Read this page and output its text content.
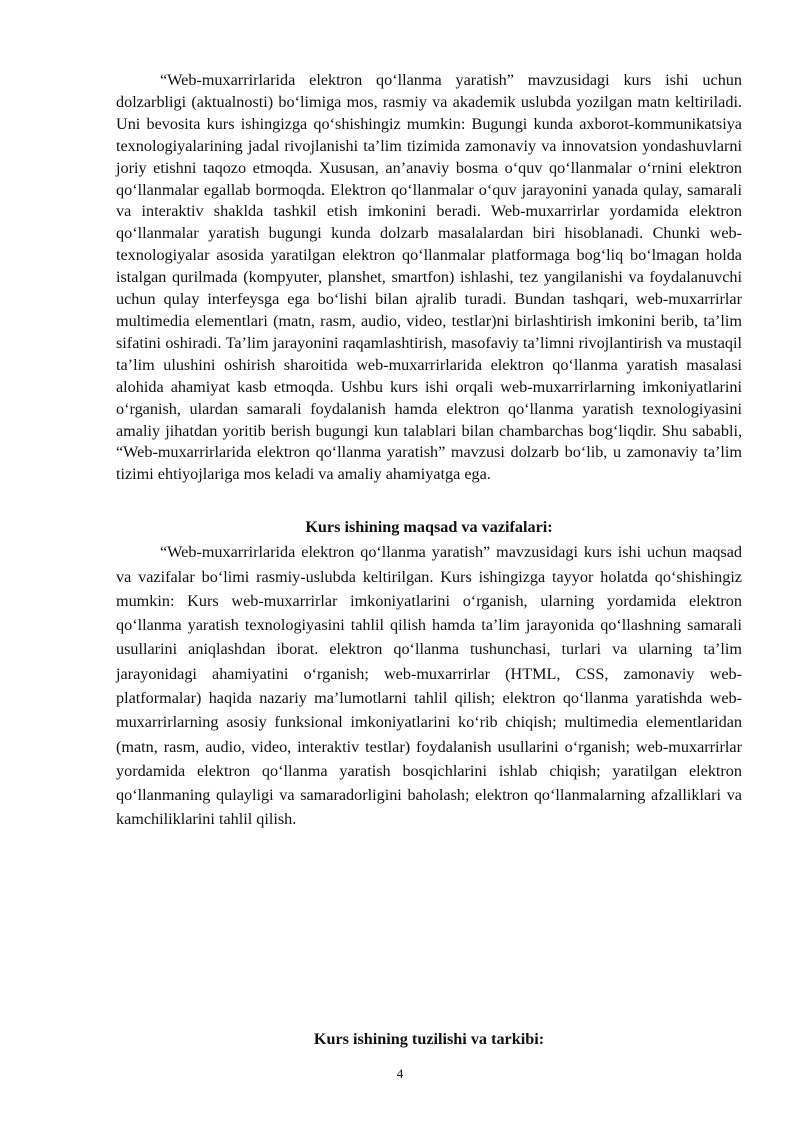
“Web-muxarrirlarida elektron qo‘llanma yaratish” mavzusidagi kurs ishi uchun dolzarbligi (aktualnosti) bo‘limiga mos, rasmiy va akademik uslubda yozilgan matn keltiriladi. Uni bevosita kurs ishingizga qo‘shishingiz mumkin: Bugungi kunda axborot-kommunikatsiya texnologiyalarining jadal rivojlanishi ta’lim tizimida zamonaviy va innovatsion yondashuvlarni joriy etishni taqozo etmoqda. Xususan, an’anaviy bosma o‘quv qo‘llanmalar o‘rnini elektron qo‘llanmalar egallab bormoqda. Elektron qo‘llanmalar o‘quv jarayonini yanada qulay, samarali va interaktiv shaklda tashkil etish imkonini beradi. Web-muxarrirlar yordamida elektron qo‘llanmalar yaratish bugungi kunda dolzarb masalalardan biri hisoblanadi. Chunki web-texnologiyalar asosida yaratilgan elektron qo‘llanmalar platformaga bog‘liq bo‘lmagan holda istalgan qurilmada (kompyuter, planshet, smartfon) ishlashi, tez yangilanishi va foydalanuvchi uchun qulay interfeysga ega bo‘lishi bilan ajralib turadi. Bundan tashqari, web-muxarrirlar multimedia elementlari (matn, rasm, audio, video, testlar)ni birlashtirish imkonini berib, ta’lim sifatini oshiradi. Ta’lim jarayonini raqamlashtirish, masofaviy ta’limni rivojlantirish va mustaqil ta’lim ulushini oshirish sharoitida web-muxarrirlarida elektron qo‘llanma yaratish masalasi alohida ahamiyat kasb etmoqda. Ushbu kurs ishi orqali web-muxarrirlarning imkoniyatlarini o‘rganish, ulardan samarali foydalanish hamda elektron qo‘llanma yaratish texnologiyasini amaliy jihatdan yoritib berish bugungi kun talablari bilan chambarchas bog‘liqdir. Shu sababli, “Web-muxarrirlarida elektron qo‘llanma yaratish” mavzusi dolzarb bo‘lib, u zamonaviy ta’lim tizimi ehtiyojlariga mos keladi va amaliy ahamiyatga ega.

Kurs ishining maqsad va vazifalari:

“Web-muxarrirlarida elektron qo‘llanma yaratish” mavzusidagi kurs ishi uchun maqsad va vazifalar bo‘limi rasmiy-uslubda keltirilgan. Kurs ishingizga tayyor holatda qo‘shishingiz mumkin: Kurs web-muxarrirlar imkoniyatlarini o‘rganish, ularning yordamida elektron qo‘llanma yaratish texnologiyasini tahlil qilish hamda ta’lim jarayonida qo‘llashning samarali usullarini aniqlashdan iborat. elektron qo‘llanma tushunchasi, turlari va ularning ta’lim jarayonidagi ahamiyatini o‘rganish; web-muxarrirlar (HTML, CSS, zamonaviy web-platformalar) haqida nazariy ma’lumotlarni tahlil qilish; elektron qo‘llanma yaratishda web-muxarrirlarning asosiy funksional imkoniyatlarini ko‘rib chiqish; multimedia elementlaridan (matn, rasm, audio, video, interaktiv testlar) foydalanish usullarini o‘rganish; web-muxarrirlar yordamida elektron qo‘llanma yaratish bosqichlarini ishlab chiqish; yaratilgan elektron qo‘llanmaning qulayligi va samaradorligini baholash; elektron qo‘llanmalarning afzalliklari va kamchiliklarini tahlil qilish.

Kurs ishining tuzilishi va tarkibi:

4
